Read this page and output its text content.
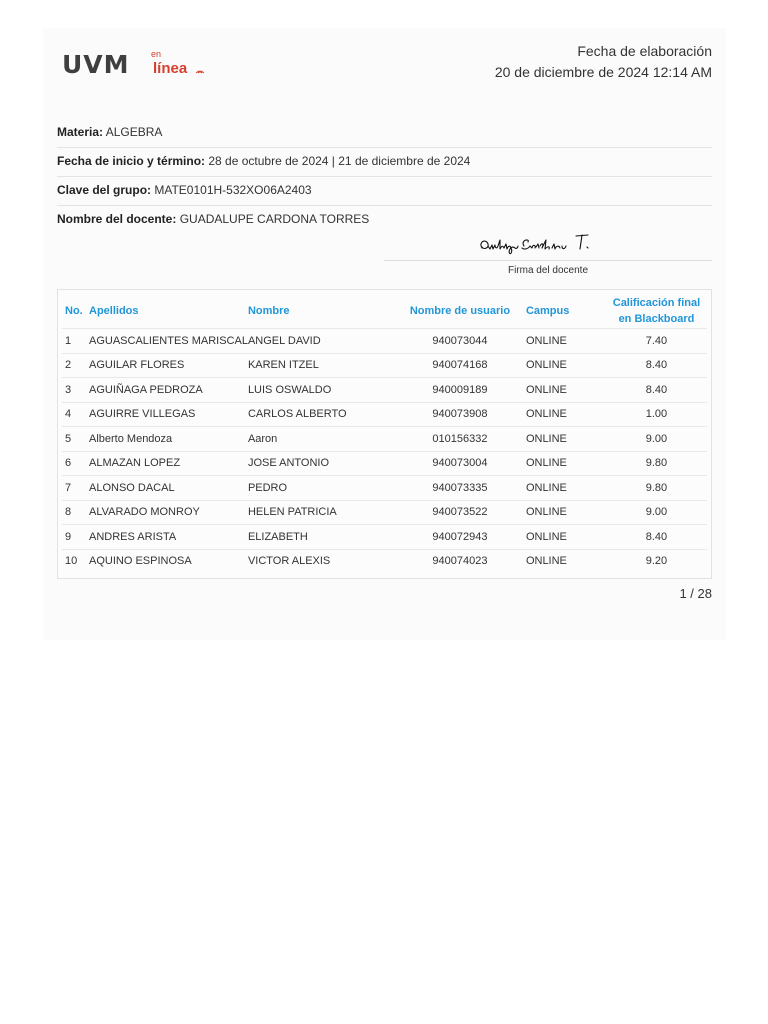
UVM en
línea
Fecha de elaboración
20 de diciembre de 2024 12:14 AM
Materia: ALGEBRA
Fecha de inicio y término: 28 de octubre de 2024 | 21 de diciembre de 2024
Clave del grupo: MATE0101H-532XO06A2403
Nombre del docente: GUADALUPE CARDONA TORRES
Firma del docente
No.	Apellidos	Nombre	Nombre de usuario	Campus	Calificación final en Blackboard
1	AGUASCALIENTES MARISCAL	ANGEL DAVID	940073044	ONLINE	7.40
2	AGUILAR FLORES	KAREN ITZEL	940074168	ONLINE	8.40
3	AGUIÑAGA PEDROZA	LUIS OSWALDO	940009189	ONLINE	8.40
4	AGUIRRE VILLEGAS	CARLOS ALBERTO	940073908	ONLINE	1.00
5	Alberto Mendoza	Aaron	010156332	ONLINE	9.00
6	ALMAZAN LOPEZ	JOSE ANTONIO	940073004	ONLINE	9.80
7	ALONSO DACAL	PEDRO	940073335	ONLINE	9.80
8	ALVARADO MONROY	HELEN PATRICIA	940073522	ONLINE	9.00
9	ANDRES ARISTA	ELIZABETH	940072943	ONLINE	8.40
10	AQUINO ESPINOSA	VICTOR ALEXIS	940074023	ONLINE	9.20
1 / 28
